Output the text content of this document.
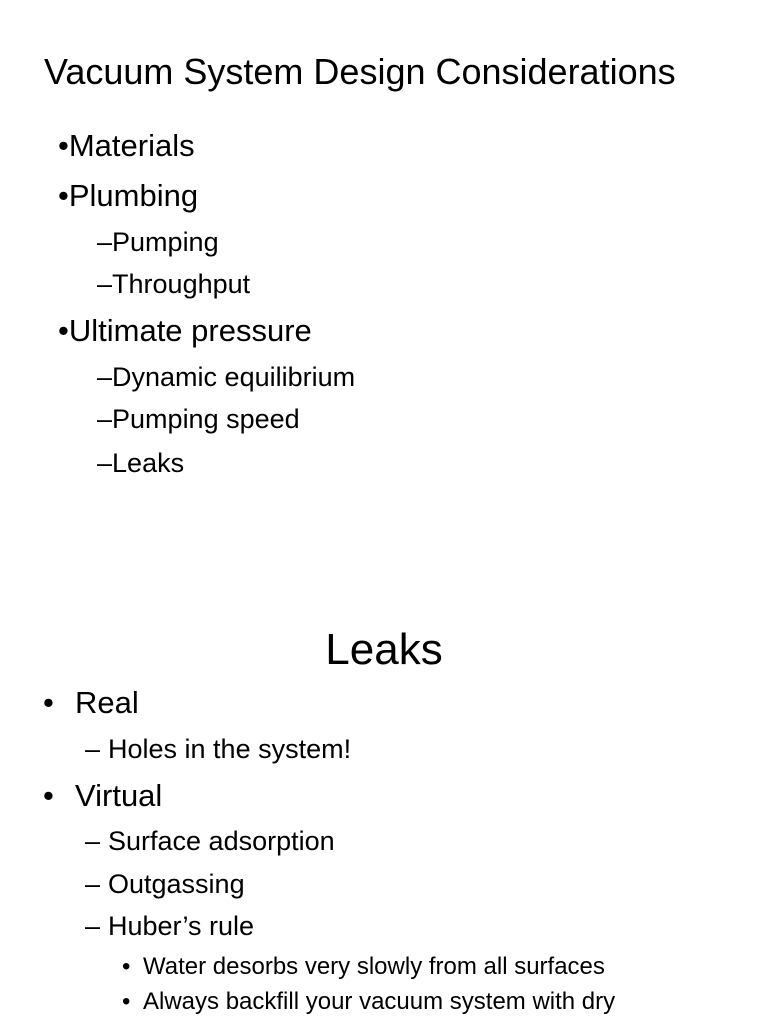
Vacuum System Design Considerations
•Materials
•Plumbing
–Pumping
–Throughput
•Ultimate pressure
–Dynamic equilibrium
–Pumping speed
–Leaks
Leaks
• Real
– Holes in the system!
• Virtual
– Surface adsorption
– Outgassing
– Huber’s rule
• Water desorbs very slowly from all surfaces
• Always backfill your vacuum system with dry
